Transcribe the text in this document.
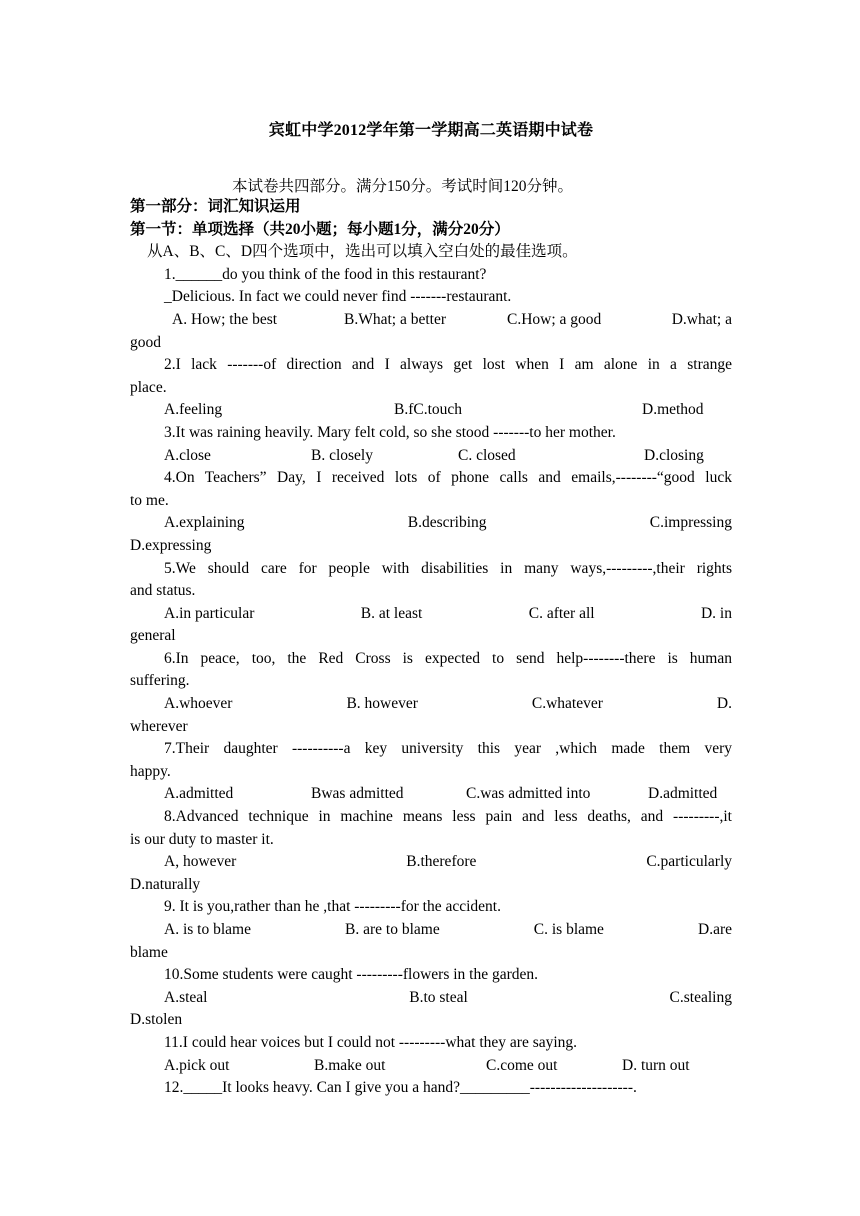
宾虹中学2012学年第一学期高二英语期中试卷
本试卷共四部分。满分150分。考试时间120分钟。
第一部分：词汇知识运用
第一节：单项选择（共20小题；每小题1分，满分20分）
从A、B、C、D四个选项中，选出可以填入空白处的最佳选项。
1.______do you think of the food in this restaurant?
_Delicious. In fact we could never find -------restaurant.
A. How; the best	B.What; a better	C.How; a good	D.what; a
good
2.I lack -------of direction and I always get lost when I am alone in a strange
place.
A.feeling	B.fC.touch	D.method
3.It was raining heavily. Mary felt cold, so she stood -------to her mother.
A.close	B. closely	C. closed	D.closing
4.On Teachers” Day, I received lots of phone calls and emails,--------“good luck
to me.
A.explaining	B.describing	C.impressing
D.expressing
5.We should care for people with disabilities in many ways,---------,their rights
and status.
A.in particular	B. at least	C. after all	D. in
general
6.In peace, too, the Red Cross is expected to send help--------there is human
suffering.
A.whoever	B. however	C.whatever	D.
wherever
7.Their daughter ----------a key university this year ,which made them very
happy.
A.admitted	Bwas admitted	C.was admitted into	D.admitted
8.Advanced technique in machine means less pain and less deaths, and ---------,it
is our duty to master it.
A, however	B.therefore	C.particularly
D.naturally
9. It is you,rather than he ,that ---------for the accident.
A. is to blame	B. are to blame	C. is blame	D.are
blame
10.Some students were caught ---------flowers in the garden.
A.steal	B.to steal	C.stealing
D.stolen
11.I could hear voices but I could not ---------what they are saying.
A.pick out	B.make out	C.come out	D. turn out
12._____It looks heavy. Can I give you a hand?_________--------------------.
